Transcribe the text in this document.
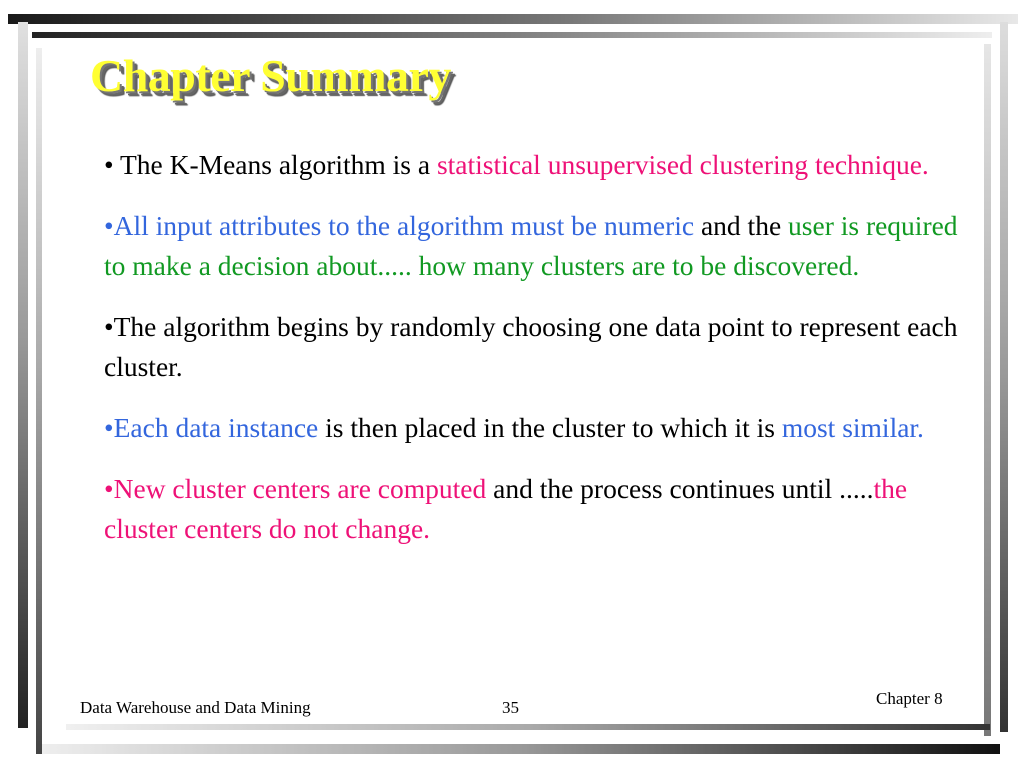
Chapter Summary
• The K-Means algorithm is a statistical unsupervised clustering technique.
•All input attributes to the algorithm must be numeric and the user is required to make a decision about..... how many clusters are to be discovered.
•The algorithm begins by randomly choosing one data point to represent each cluster.
•Each data instance is then placed in the cluster to which it is most similar.
•New cluster centers are computed and the process continues until .....the cluster centers do not change.
Data Warehouse and Data Mining	35	Chapter 8
